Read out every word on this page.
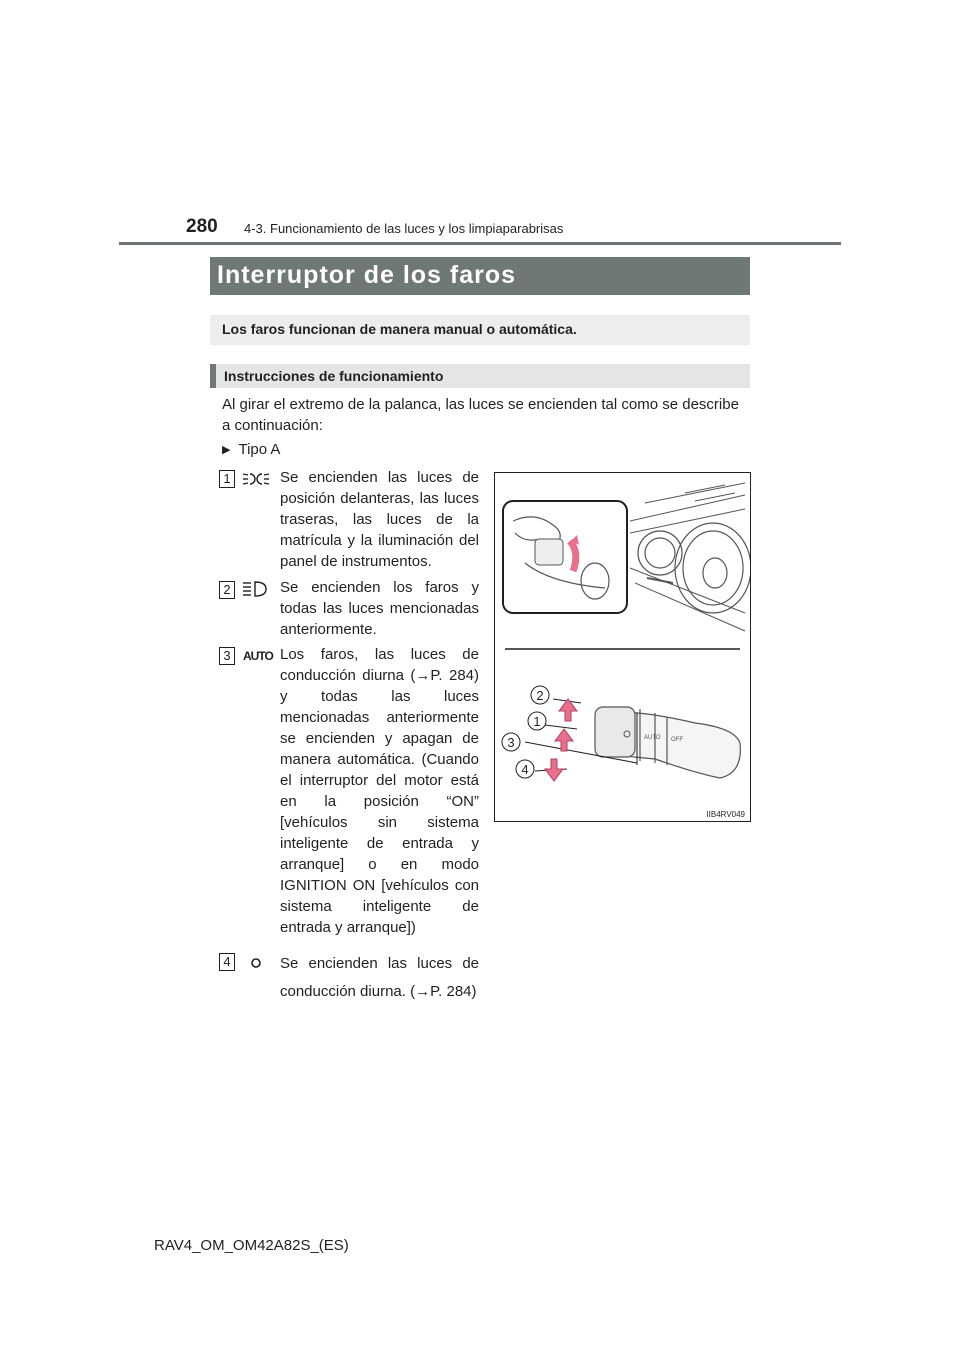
280 4-3. Funcionamiento de las luces y los limpiaparabrisas
Interruptor de los faros
Los faros funcionan de manera manual o automática.
Instrucciones de funcionamiento
Al girar el extremo de la palanca, las luces se encienden tal como se describe a continuación:
▶ Tipo A
1	Se encienden las luces de posición delanteras, las luces traseras, las luces de la matrícula y la iluminación del panel de instrumentos.
2	Se encienden los faros y todas las luces mencionadas anteriormente.
3	AUTO Los faros, las luces de conducción diurna (→P. 284) y todas las luces mencionadas anteriormente se encienden y apagan de manera automática. (Cuando el interruptor del motor está en la posición “ON” [vehículos sin sistema inteligente de entrada y arranque] o en modo IGNITION ON [vehículos con sistema inteligente de entrada y arranque])
4	Se encienden las luces de conducción diurna. (→P. 284)
AUTO OFF
2
1
3
4
IIB4RV049
RAV4_OM_OM42A82S_(ES)
